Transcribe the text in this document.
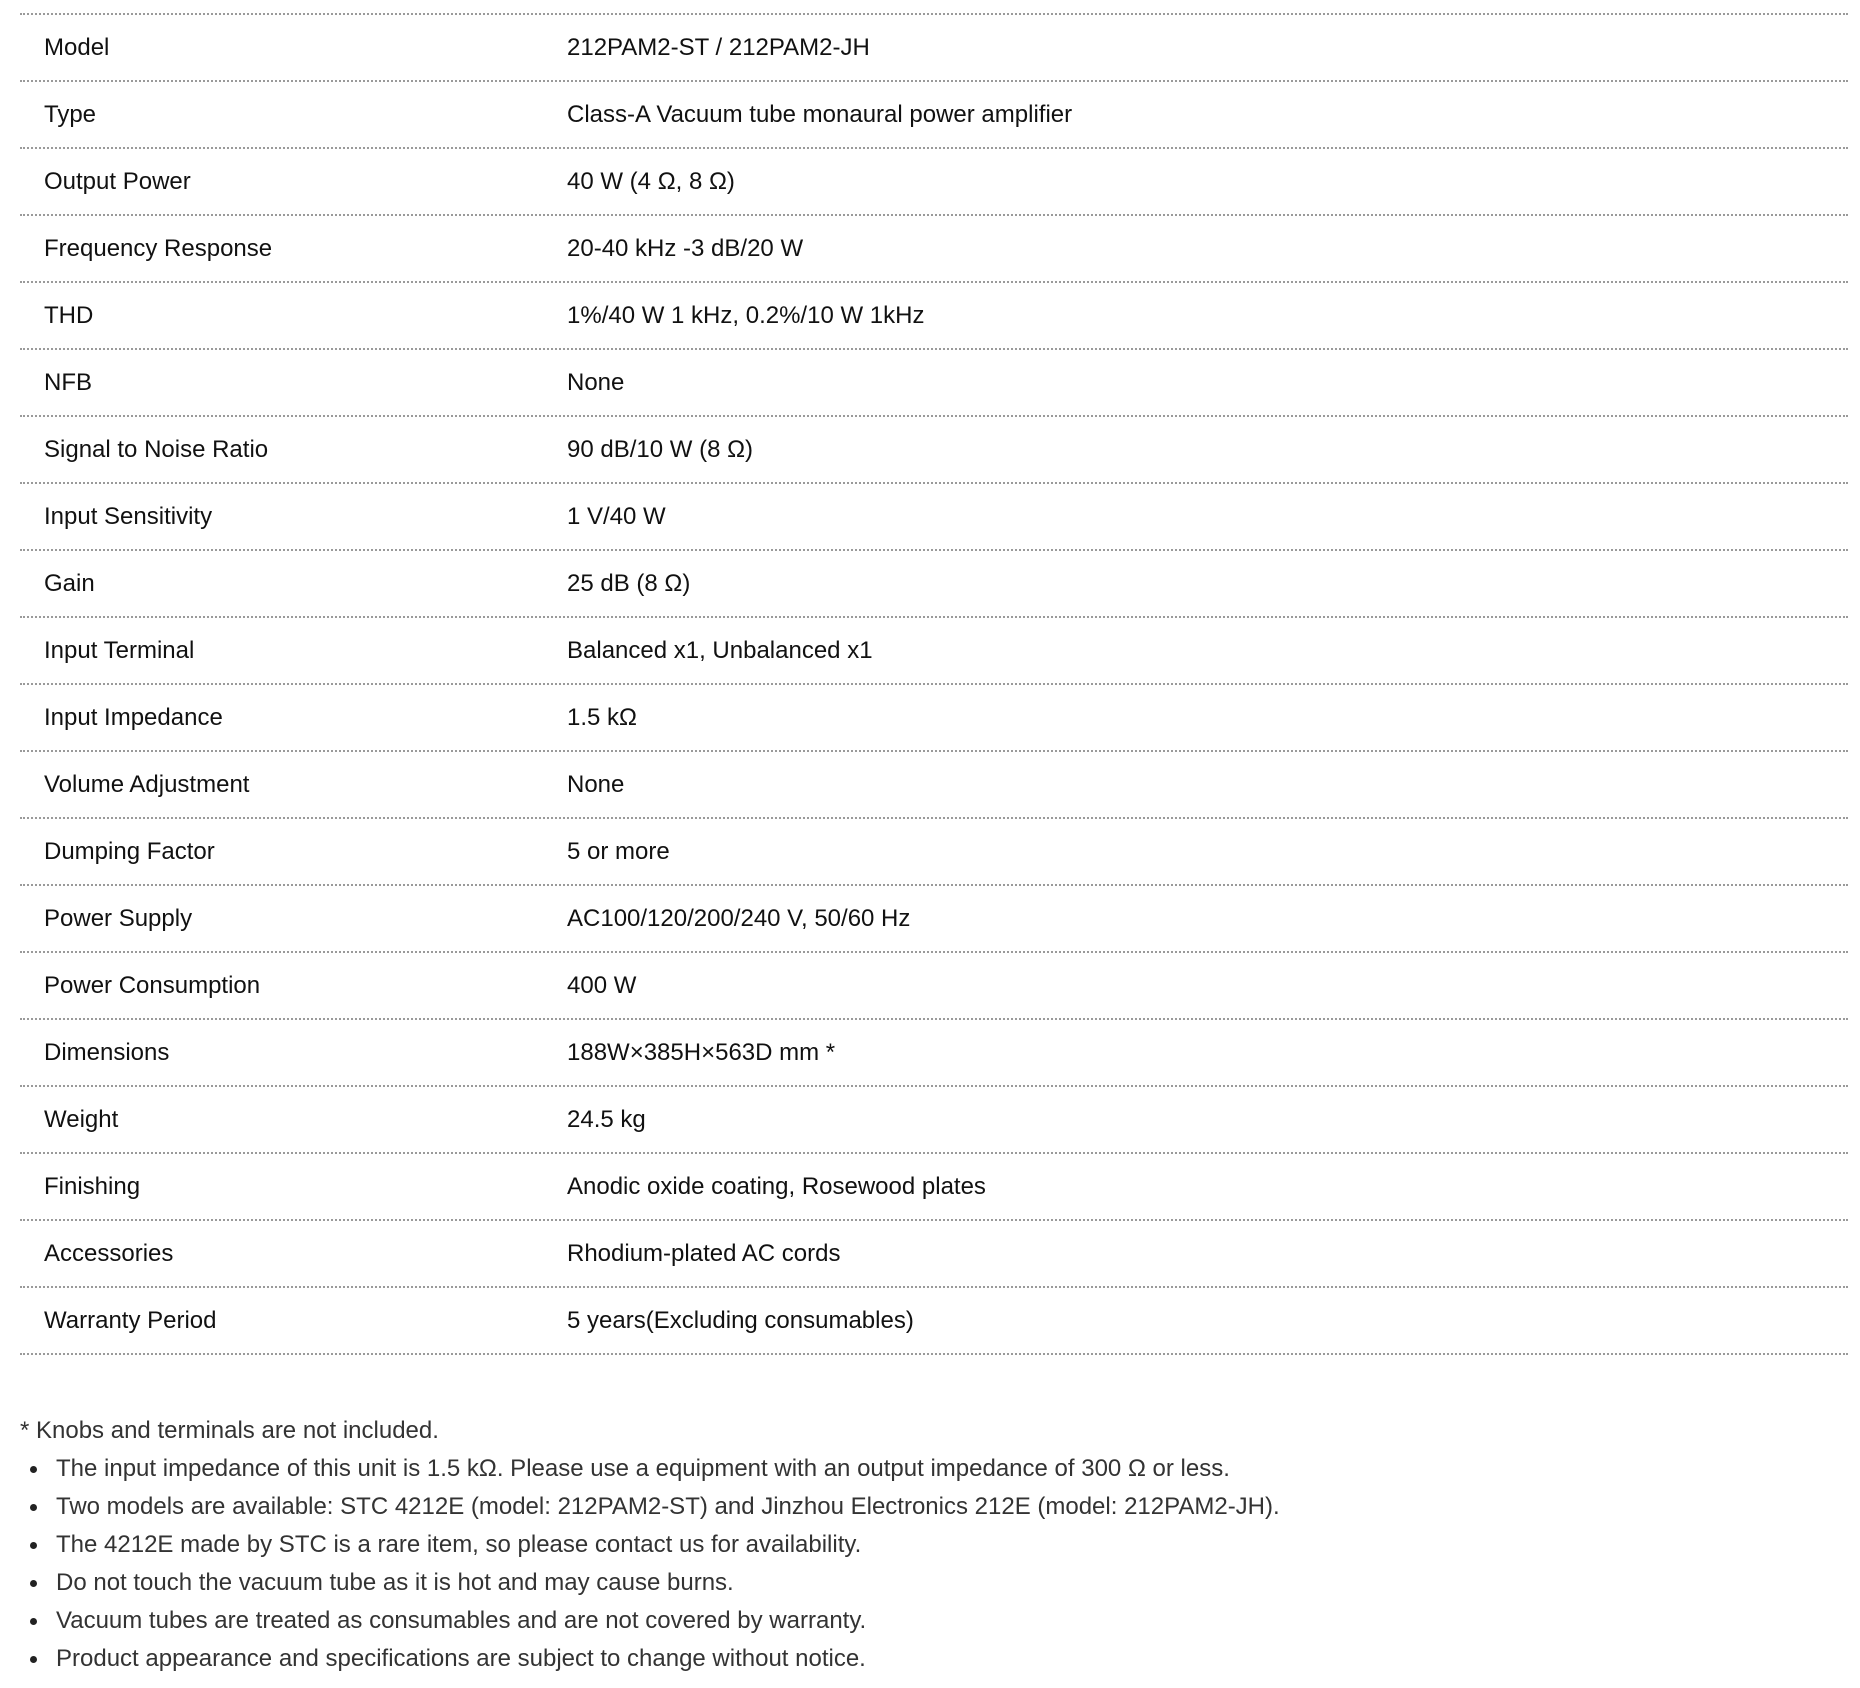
Model	212PAM2-ST / 212PAM2-JH
Type	Class-A Vacuum tube monaural power amplifier
Output Power	40 W (4 Ω, 8 Ω)
Frequency Response	20-40 kHz -3 dB/20 W
THD	1%/40 W 1 kHz, 0.2%/10 W 1kHz
NFB	None
Signal to Noise Ratio	90 dB/10 W (8 Ω)
Input Sensitivity	1 V/40 W
Gain	25 dB (8 Ω)
Input Terminal	Balanced x1, Unbalanced x1
Input Impedance	1.5 kΩ
Volume Adjustment	None
Dumping Factor	5 or more
Power Supply	AC100/120/200/240 V, 50/60 Hz
Power Consumption	400 W
Dimensions	188W×385H×563D mm *
Weight	24.5 kg
Finishing	Anodic oxide coating, Rosewood plates
Accessories	Rhodium-plated AC cords
Warranty Period	5 years(Excluding consumables)
* Knobs and terminals are not included.
The input impedance of this unit is 1.5 kΩ. Please use a equipment with an output impedance of 300 Ω or less.
Two models are available: STC 4212E (model: 212PAM2-ST) and Jinzhou Electronics 212E (model: 212PAM2-JH).
The 4212E made by STC is a rare item, so please contact us for availability.
Do not touch the vacuum tube as it is hot and may cause burns.
Vacuum tubes are treated as consumables and are not covered by warranty.
Product appearance and specifications are subject to change without notice.
